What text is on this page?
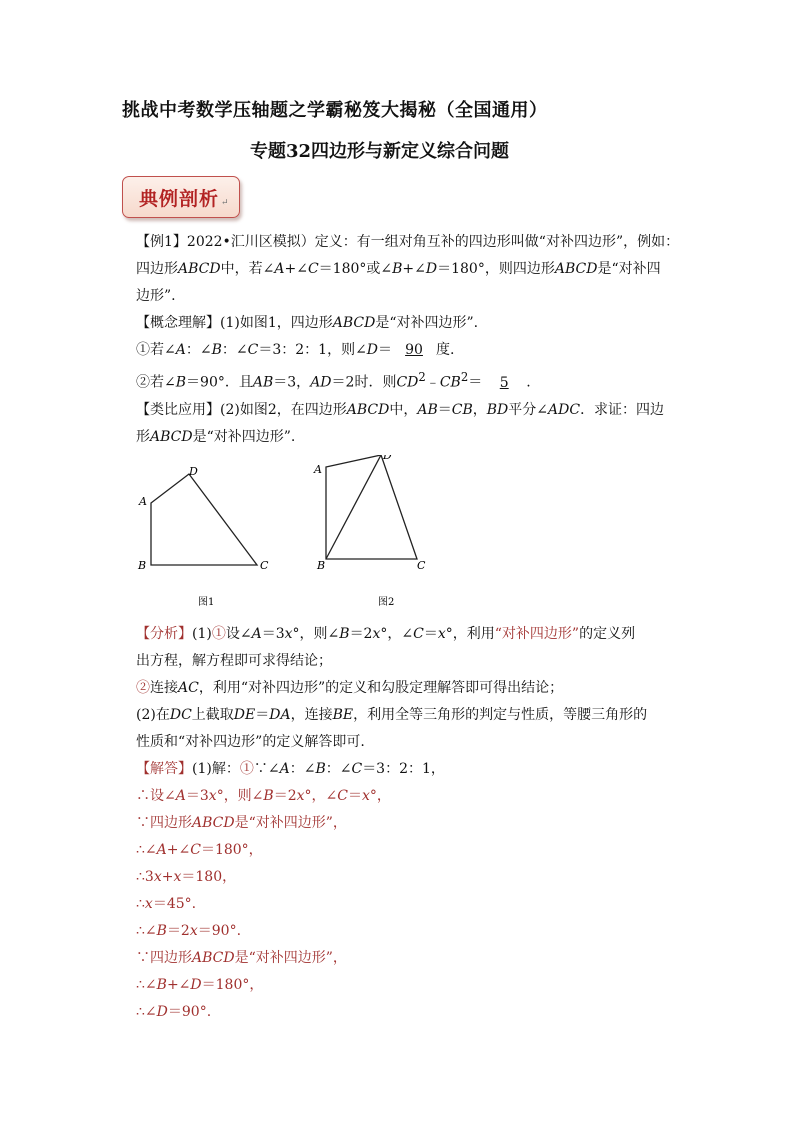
挑战中考数学压轴题之学霸秘笈大揭秘（全国通用）
专题32四边形与新定义综合问题
典例剖析 ↵

【例1】2022•汇川区模拟）定义：有一组对角互补的四边形叫做“对补四边形”，例如：

四边形ABCD中，若∠A+∠C＝180°或∠B+∠D＝180°，则四边形ABCD是“对补四

边形”.

【概念理解】(1)如图1，四边形ABCD是“对补四边形”.

①若∠A：∠B：∠C＝3：2：1，则∠D＝ 90 度.

②若∠B＝90°．且AB＝3，AD＝2时．则$CD^2﹣CB^2= 5$ .

【类比应用】(2)如图2，在四边形ABCD中，AB＝CB，BD平分∠ADC．求证：四边

形ABCD是“对补四边形”.

【分析】(1)①设∠A＝3x°，则∠B＝2x°，∠C＝x°，利用“对补四边形”的定义列

出方程，解方程即可求得结论；

②连接AC，利用“对补四边形”的定义和勾股定理解答即可得出结论；

(2)在DC上截取DE＝DA，连接BE，利用全等三角形的判定与性质，等腰三角形的

性质和“对补四边形”的定义解答即可.

【解答】(1)解：①∵∠A：∠B：∠C＝3：2：1，

∴设∠A＝3x°，则∠B＝2x°，∠C＝x°，

∵四边形ABCD是“对补四边形”，

∴∠A+∠C＝180°，

∴3x+x＝180，

∴x＝45°.

∴∠B＝2x＝90°.

∵四边形ABCD是“对补四边形”，

∴∠B+∠D＝180°，

∴∠D＝90°.

A
D
B	C
图1
A
D
B	C
图2
